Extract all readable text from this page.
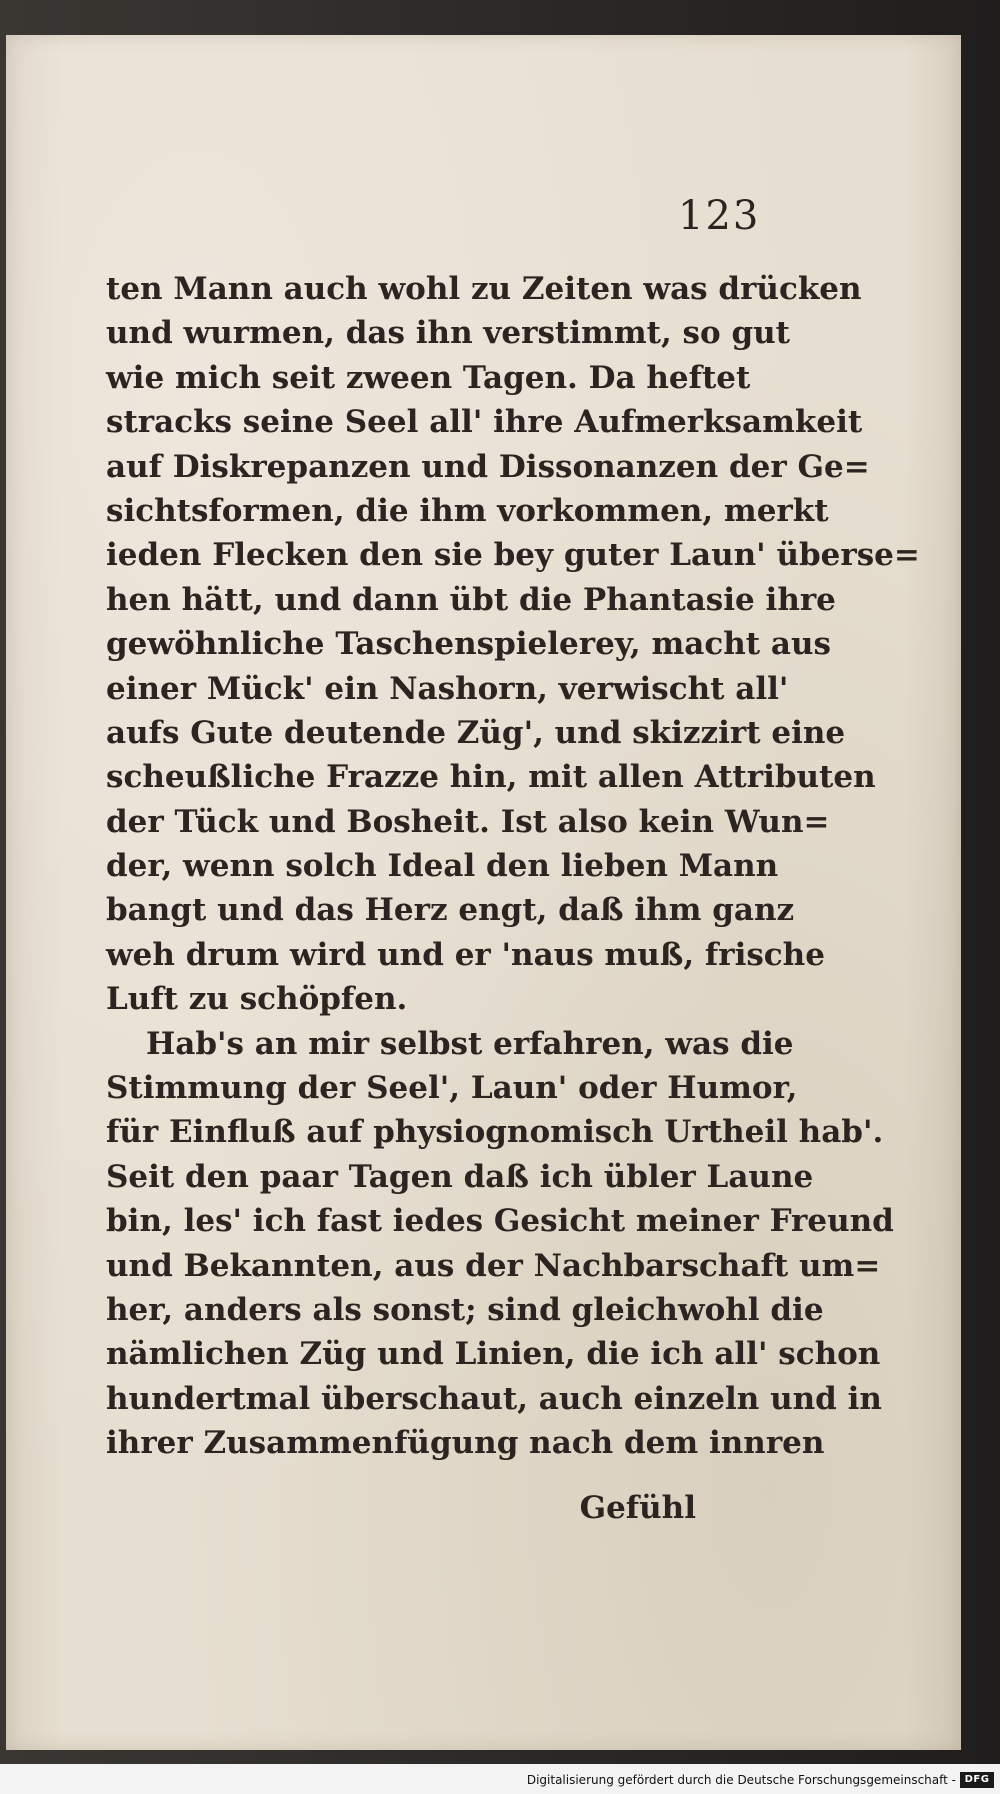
123
ten Mann auch wohl zu Zeiten was drücken
und wurmen, das ihn verstimmt, so gut
wie mich seit zween Tagen. Da heftet
stracks seine Seel all' ihre Aufmerksamkeit
auf Diskrepanzen und Dissonanzen der Ge=
sichtsformen, die ihm vorkommen, merkt
ieden Flecken den sie bey guter Laun' überse=
hen hätt, und dann übt die Phantasie ihre
gewöhnliche Taschenspielerey, macht aus
einer Mück' ein Nashorn, verwischt all'
aufs Gute deutende Züg', und skizzirt eine
scheußliche Frazze hin, mit allen Attributen
der Tück und Bosheit. Ist also kein Wun=
der, wenn solch Ideal den lieben Mann
bangt und das Herz engt, daß ihm ganz
weh drum wird und er 'naus muß, frische
Luft zu schöpfen.
Hab's an mir selbst erfahren, was die
Stimmung der Seel', Laun' oder Humor,
für Einfluß auf physiognomisch Urtheil hab'.
Seit den paar Tagen daß ich übler Laune
bin, les' ich fast iedes Gesicht meiner Freund
und Bekannten, aus der Nachbarschaft um=
her, anders als sonst; sind gleichwohl die
nämlichen Züg und Linien, die ich all' schon
hundertmal überschaut, auch einzeln und in
ihrer Zusammenfügung nach dem innren
Gefühl
Digitalisierung gefördert durch die Deutsche Forschungsgemeinschaft - DFG
